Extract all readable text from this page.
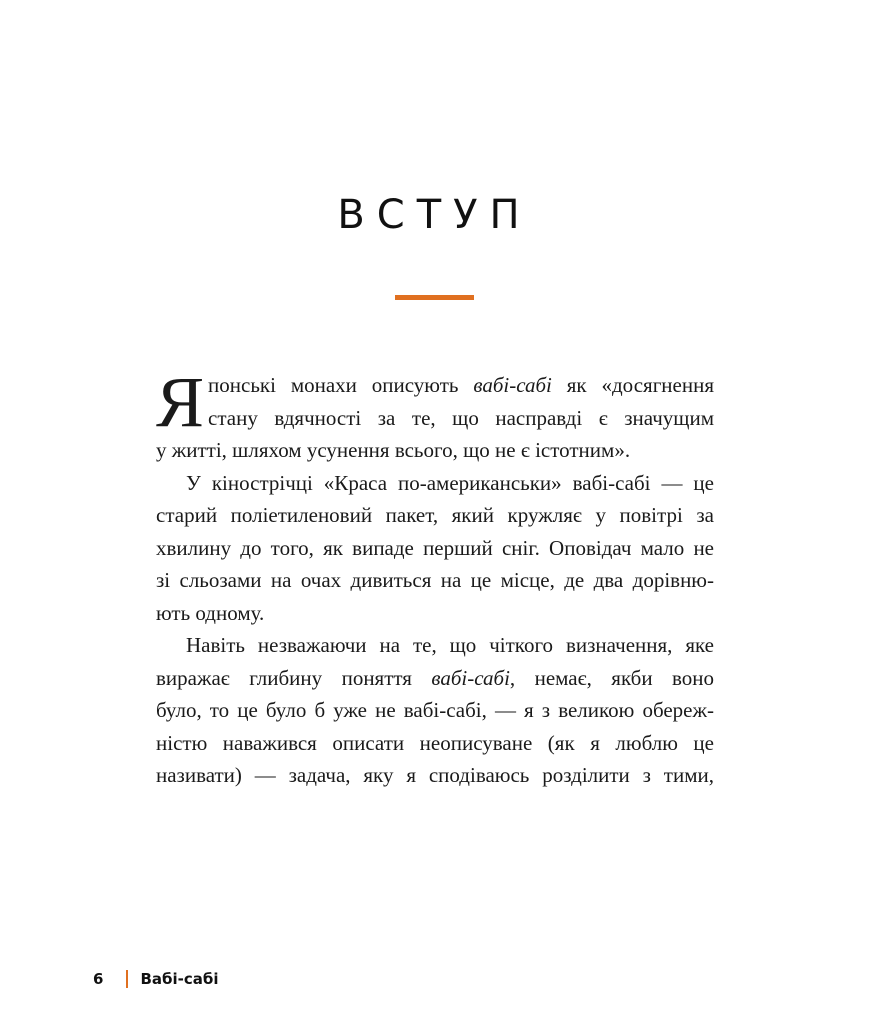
ВСТУП

Я понські монахи описують вабі-сабі як «досягнення
стану вдячності за те, що насправді є значущим
у житті, шляхом усунення всього, що не є істотним».

У кінострічці «Краса по-американськи» вабі-сабі — це
старий поліетиленовий пакет, який кружляє у повітрі за
хвилину до того, як випаде перший сніг. Оповідач мало не
зі сльозами на очах дивиться на це місце, де два дорівню-
ють одному.

Навіть незважаючи на те, що чіткого визначення, яке
виражає глибину поняття вабі-сабі, немає, якби воно
було, то це було б уже не вабі-сабі, — я з великою обереж-
ністю наважився описати неописуване (як я люблю це
називати) — задача, яку я сподіваюсь розділити з тими,

6 Вабі-сабі
